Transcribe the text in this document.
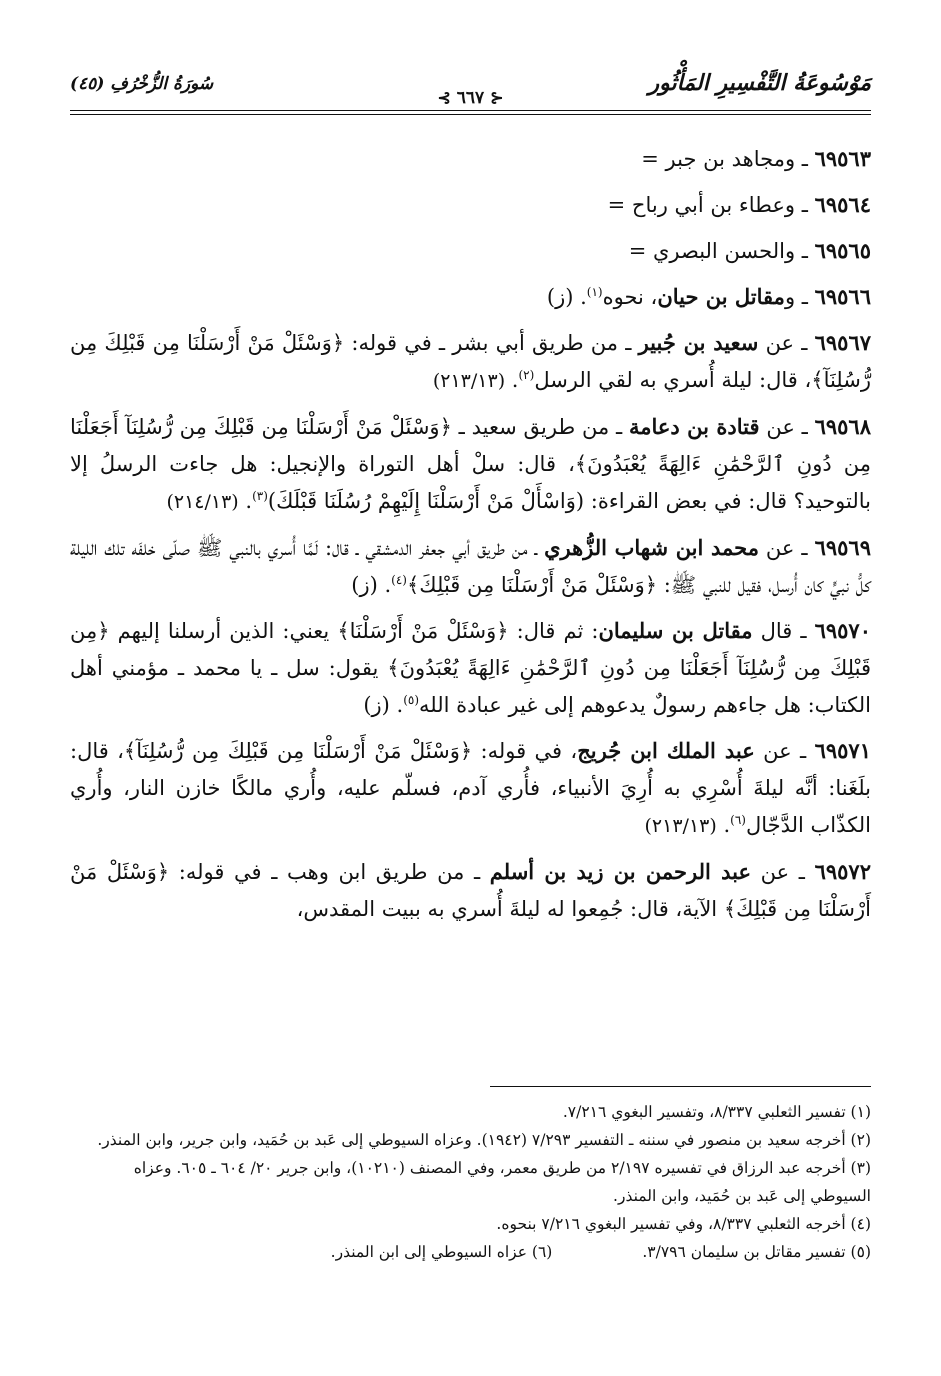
مَوْسُوعَةُ التَّفْسِيرِ المَأْثُور
⊰ ٦٦٧ ⊱
سُورَةُ الزُّخْرُفِ (٤٥)

٦٩٥٦٣ ـ ومجاهد بن جبر =

٦٩٥٦٤ ـ وعطاء بن أبي رباح =

٦٩٥٦٥ ـ والحسن البصري =

٦٩٥٦٦ ـ ومقاتل بن حيان، نحوه$^{(١)}$. (ز)

٦٩٥٦٧ ـ عن سعيد بن جُبير ـ من طريق أبي بشر ـ في قوله: ﴿وَسْئَلْ مَنْ أَرْسَلْنَا مِن قَبْلِكَ مِن رُّسُلِنَآ﴾، قال: ليلة أُسري به لقي الرسل$^{(٢)}$. (٢١٣/١٣)

٦٩٥٦٨ ـ عن قتادة بن دعامة ـ من طريق سعيد ـ ﴿وَسْئَلْ مَنْ أَرْسَلْنَا مِن قَبْلِكَ مِن رُّسُلِنَآ أَجَعَلْنَا مِن دُونِ ٱلرَّحْمَٰنِ ءَالِهَةً يُعْبَدُونَ﴾، قال: سلْ أهل التوراة والإنجيل: هل جاءت الرسلُ إلا بالتوحيد؟ قال: في بعض القراءة: (وَاسْأَلْ مَنْ أَرْسَلْنَا إِلَيْهِمْ رُسُلَنَا قَبْلَكَ)$^{(٣)}$. (٢١٤/١٣)

٦٩٥٦٩ ـ عن محمد ابن شهاب الزُّهري ـ من طريق أبي جعفر الدمشقي ـ قال: لَمَّا أُسري بالنبي ﷺ صلّى خلفَه تلك الليلة كلُّ نبيٍّ كان أُرسل، فقيل للنبي ﷺ: ﴿وَسْئَلْ مَنْ أَرْسَلْنَا مِن قَبْلِكَ﴾$^{(٤)}$. (ز)

٦٩٥٧٠ ـ قال مقاتل بن سليمان: ثم قال: ﴿وَسْئَلْ مَنْ أَرْسَلْنَا﴾ يعني: الذين أرسلنا إليهم ﴿مِن قَبْلِكَ مِن رُّسُلِنَآ أَجَعَلْنَا مِن دُونِ ٱلرَّحْمَٰنِ ءَالِهَةً يُعْبَدُونَ﴾ يقول: سل ـ يا محمد ـ مؤمني أهل الكتاب: هل جاءهم رسولٌ يدعوهم إلى غير عبادة الله$^{(٥)}$. (ز)

٦٩٥٧١ ـ عن عبد الملك ابن جُريج، في قوله: ﴿وَسْئَلْ مَنْ أَرْسَلْنَا مِن قَبْلِكَ مِن رُّسُلِنَآ﴾، قال: بلَغَنا: أنَّه ليلةَ أُسْرِي به أُرِيَ الأنبياء، فأُري آدم، فسلّم عليه، وأُري مالكًا خازن النار، وأُري الكذّاب الدَّجّال$^{(٦)}$. (٢١٣/١٣)

٦٩٥٧٢ ـ عن عبد الرحمن بن زيد بن أسلم ـ من طريق ابن وهب ـ في قوله: ﴿وَسْئَلْ مَنْ أَرْسَلْنَا مِن قَبْلِكَ﴾ الآية، قال: جُمِعوا له ليلةَ أُسري به ببيت المقدس،

(١) تفسير الثعلبي ٨/٣٣٧، وتفسير البغوي ٧/٢١٦.

(٢) أخرجه سعيد بن منصور في سننه ـ التفسير ٧/٢٩٣ (١٩٤٢). وعزاه السيوطي إلى عَبد بن حُمَيد، وابن جرير، وابن المنذر.

(٣) أخرجه عبد الرزاق في تفسيره ٢/١٩٧ من طريق معمر، وفي المصنف (١٠٢١٠)، وابن جرير ٢٠/ ٦٠٤ ـ ٦٠٥. وعزاه السيوطي إلى عَبد بن حُمَيد، وابن المنذر.

(٤) أخرجه الثعلبي ٨/٣٣٧، وفي تفسير البغوي ٧/٢١٦ بنحوه.

(٥) تفسير مقاتل بن سليمان ٣/٧٩٦.

(٦) عزاه السيوطي إلى ابن المنذر.
